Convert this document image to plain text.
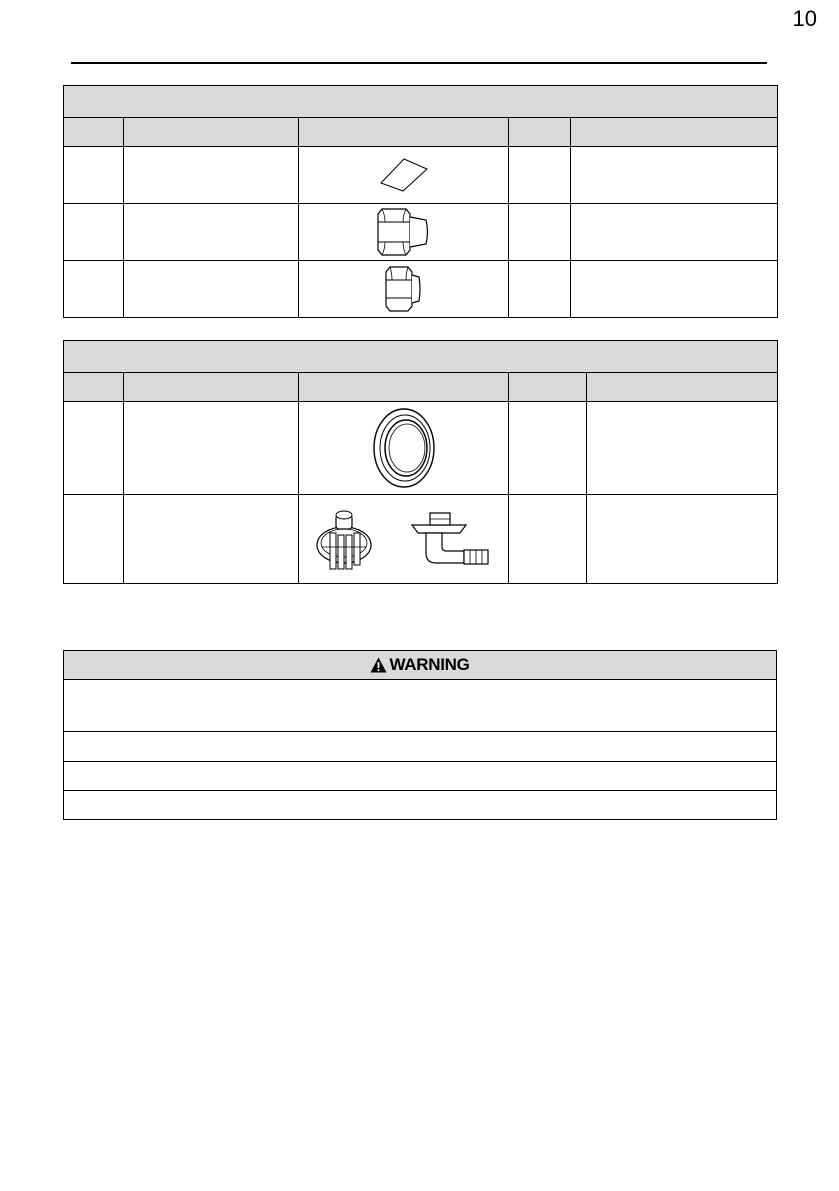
10

WARNING
